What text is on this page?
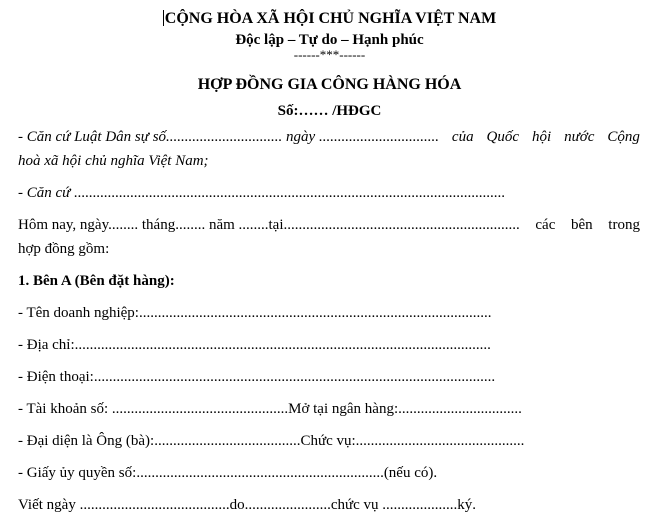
CỘNG HÒA XÃ HỘI CHỦ NGHĨA VIỆT NAM
Độc lập – Tự do – Hạnh phúc
------***------
HỢP ĐỒNG GIA CÔNG HÀNG HÓA
Số:…… /HĐGC
- Căn cứ Luật Dân sự số............................... ngày ................................ của Quốc hội nước Cộng
hoà xã hội chủ nghĩa Việt Nam;
- Căn cứ ...................................................................................................................
Hôm nay, ngày........ tháng........ năm ........tại............................................................... các bên trong
hợp đồng gồm:
1. Bên A (Bên đặt hàng):
- Tên doanh nghiệp:..............................................................................................
- Địa chỉ:...............................................................................................................
- Điện thoại:...........................................................................................................
- Tài khoản số: ...............................................Mở tại ngân hàng:.................................
- Đại diện là Ông (bà):.......................................Chức vụ:.............................................
- Giấy ủy quyền số:..................................................................(nếu có).
Viết ngày ........................................do.......................chức vụ ....................ký.
